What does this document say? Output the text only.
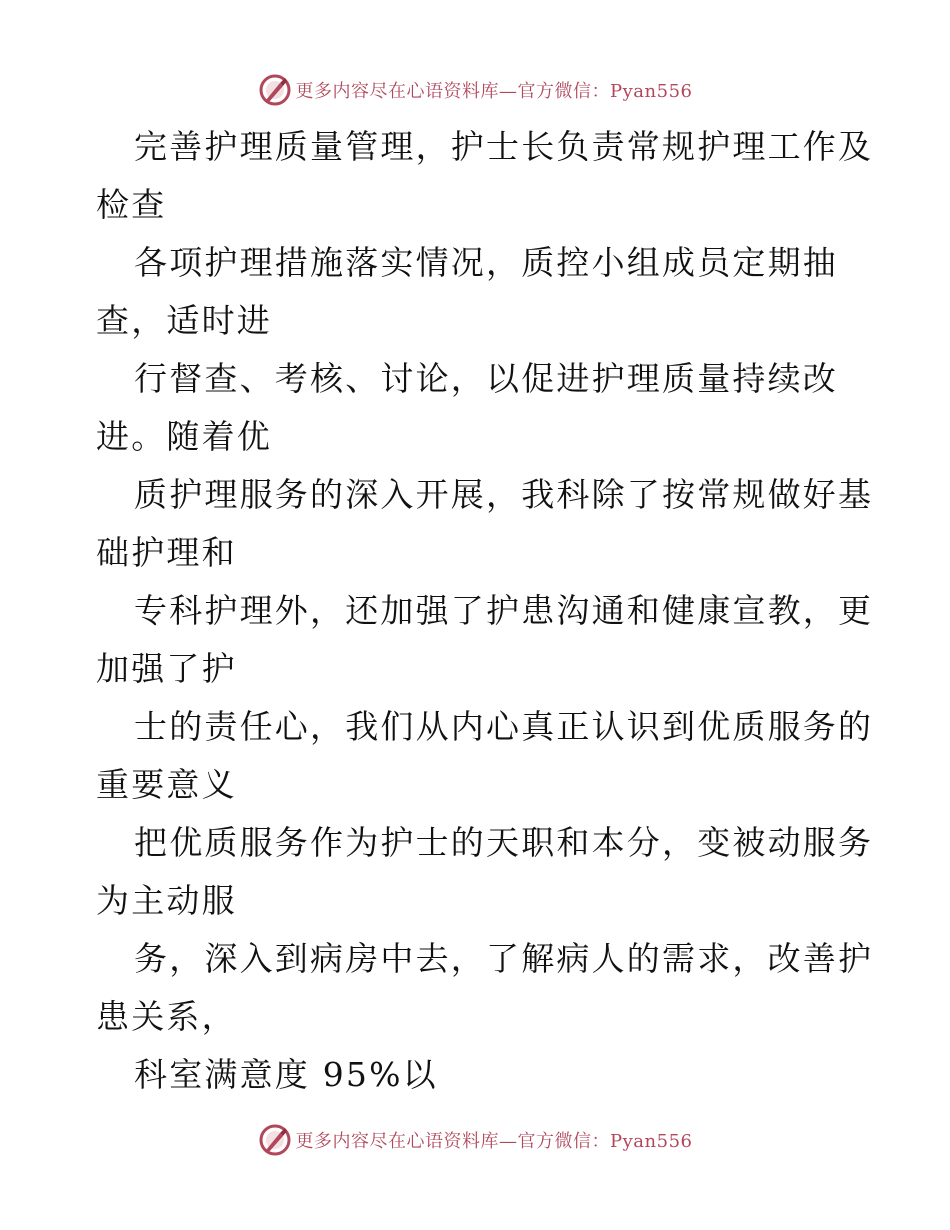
更多内容尽在心语资料库—官方微信：Pyan556

完善护理质量管理，护士长负责常规护理工作及
检查

各项护理措施落实情况，质控小组成员定期抽
查，适时进

行督查、考核、讨论，以促进护理质量持续改
进。随着优

质护理服务的深入开展，我科除了按常规做好基
础护理和

专科护理外，还加强了护患沟通和健康宣教，更
加强了护

士的责任心，我们从内心真正认识到优质服务的
重要意义

把优质服务作为护士的天职和本分，变被动服务
为主动服

务，深入到病房中去，了解病人的需求，改善护
患关系，

科室满意度 95%以

更多内容尽在心语资料库—官方微信：Pyan556
